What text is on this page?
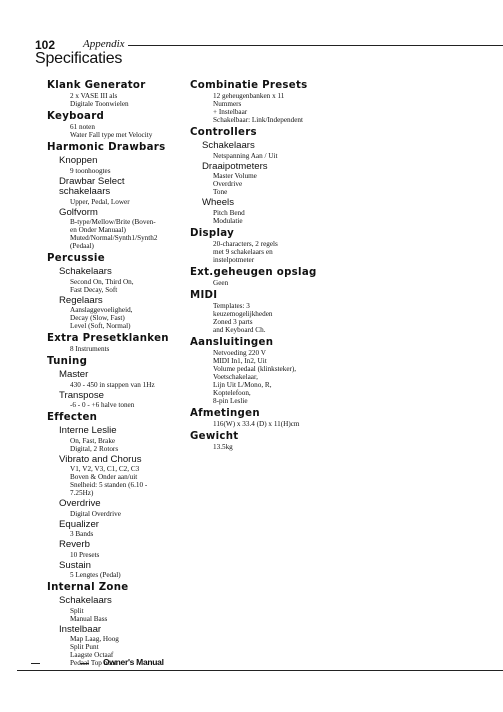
102	Appendix
Specificaties
Klank Generator
2 x VASE III als
Digitale Toonwielen
Keyboard
61 noten
Water Fall type met Velocity
Harmonic Drawbars
Knoppen
9 toonhoogtes
Drawbar Select
schakelaars
Upper, Pedal, Lower
Golfvorm
B-type/Mellow/Brite (Boven-
en Onder Manuaal)
Muted/Normal/Synth1/Synth2
(Pedaal)
Percussie
Schakelaars
Second On, Third On,
Fast Decay, Soft
Regelaars
Aanslaggevoeligheid,
Decay (Slow, Fast)
Level (Soft, Normal)
Extra Presetklanken
8 Instruments
Tuning
Master
430 - 450 in stappen van 1Hz
Transpose
-6 - 0 - +6 halve tonen
Effecten
Interne Leslie
On, Fast, Brake
Digital, 2 Rotors
Vibrato and Chorus
V1, V2, V3, C1, C2, C3
Boven & Onder aan/uit
Snelheid: 5 standen (6.10 -
7.25Hz)
Overdrive
Digital Overdrive
Equalizer
3 Bands
Reverb
10 Presets
Sustain
5 Lengtes (Pedal)
Internal Zone
Schakelaars
Split
Manual Bass
Instelbaar
Map Laag, Hoog
Split Punt
Laagste Octaaf
Pedaal Top noot
Combinatie Presets
12 geheugenbanken x 11
Nummers
+ Instelbaar
Schakelbaar: Link/Independent
Controllers
Schakelaars
Netspanning Aan / Uit
Draaipotmeters
Master Volume
Overdrive
Tone
Wheels
Pitch Bend
Modulatie
Display
20-characters, 2 regels
met 9 schakelaars en
instelpotmeter
Ext.geheugen opslag
Geen
MIDI
Templates: 3
keuzemogelijkheden
Zoned 3 parts
and Keyboard Ch.
Aansluitingen
Netvoeding 220 V
MIDI In1, In2, Uit
Volume pedaal (klinksteker),
Voetschakelaar,
Lijn Uit L/Mono, R,
Koptelefoon,
8-pin Leslie
Afmetingen
116(W) x 33.4 (D) x 11(H)cm
Gewicht
13.5kg
Owner's Manual
